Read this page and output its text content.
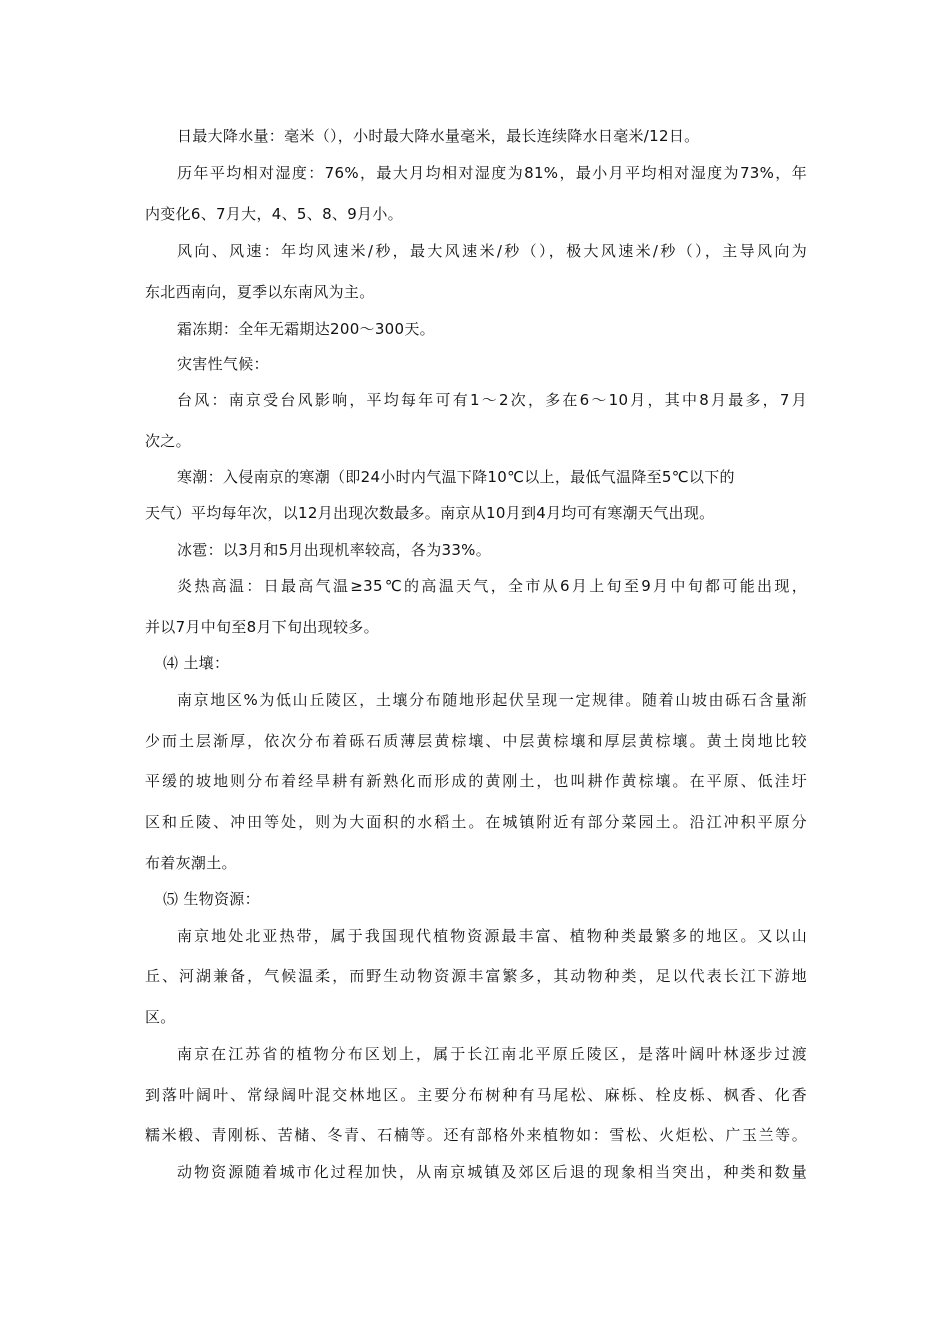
日最大降水量：毫米（），小时最大降水量毫米，最长连续降水日毫米/12日。
历年平均相对湿度：76%，最大月均相对湿度为81%，最小月平均相对湿度为73%，年
内变化6、7月大，4、5、8、9月小。
风向、风速：年均风速米/秒，最大风速米/秒（），极大风速米/秒（），主导风向为
东北西南向，夏季以东南风为主。
霜冻期：全年无霜期达200～300天。
灾害性气候：
台风：南京受台风影响，平均每年可有1～2次，多在6～10月，其中8月最多，7月
次之。
寒潮：入侵南京的寒潮（即24小时内气温下降10℃以上，最低气温降至5℃以下的
天气）平均每年次，以12月出现次数最多。南京从10月到4月均可有寒潮天气出现。
冰雹：以3月和5月出现机率较高，各为33%。
炎热高温：日最高气温≥35℃的高温天气，全市从6月上旬至9月中旬都可能出现，
并以7月中旬至8月下旬出现较多。
⑷ 土壤：
南京地区%为低山丘陵区，土壤分布随地形起伏呈现一定规律。随着山坡由砾石含量渐
少而土层渐厚，依次分布着砾石质薄层黄棕壤、中层黄棕壤和厚层黄棕壤。黄土岗地比较
平缓的坡地则分布着经旱耕有新熟化而形成的黄刚土，也叫耕作黄棕壤。在平原、低洼圩
区和丘陵、冲田等处，则为大面积的水稻土。在城镇附近有部分菜园土。沿江冲积平原分
布着灰潮土。
⑸ 生物资源：
南京地处北亚热带，属于我国现代植物资源最丰富、植物种类最繁多的地区。又以山
丘、河湖兼备，气候温柔，而野生动物资源丰富繁多，其动物种类，足以代表长江下游地
区。
南京在江苏省的植物分布区划上，属于长江南北平原丘陵区，是落叶阔叶林逐步过渡
到落叶阔叶、常绿阔叶混交林地区。主要分布树种有马尾松、麻栎、栓皮栎、枫香、化香
糯米椴、青刚栎、苦槠、冬青、石楠等。还有部格外来植物如：雪松、火炬松、广玉兰等。
动物资源随着城市化过程加快，从南京城镇及郊区后退的现象相当突出，种类和数量
